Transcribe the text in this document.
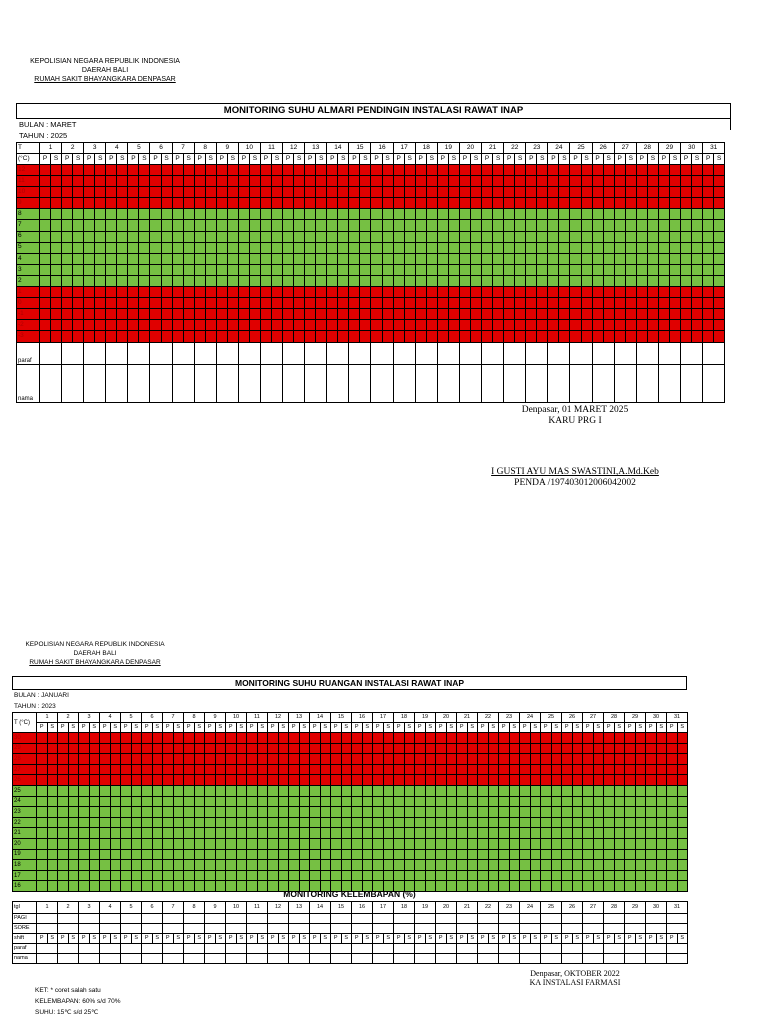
KEPOLISIAN NEGARA REPUBLIK INDONESIA
DAERAH BALI
RUMAH SAKIT BHAYANGKARA DENPASAR
MONITORING SUHU ALMARI PENDINGIN INSTALASI RAWAT INAP
BULAN : MARET
TAHUN : 2025
T	1		2		3		4		5		6		7		8		9		10		11		12		13		14		15		16		17		18		19		20		21		22		23		24		25		26		27		28		29		30		31	
(°C)	P	S	P	S	P	S	P	S	P	S	P	S	P	S	P	S	P	S	P	S	P	S	P	S	P	S	P	S	P	S	P	S	P	S	P	S	P	S	P	S	P	S	P	S	P	S	P	S	P	S	P	S	P	S	P	S	P	S	P	S	P	S
12																																																														
11																																																														
10																																																														
9																																																														
8																																																														
7																																																														
6																																																														
5																																																														
4																																																														
3																																																														
2																																																														
1																																																														
0																																																														
-1																																																														
-2																																																														
-3																																																														
paraf																																																														
nama																																																														
Denpasar, 01 MARET 2025
KARU PRG I
I GUSTI AYU MAS SWASTINI,A.Md.Keb
PENDA /197403012006042002
KEPOLISIAN NEGARA REPUBLIK INDONESIA
DAERAH BALI
RUMAH SAKIT BHAYANGKARA DENPASAR
MONITORING SUHU RUANGAN INSTALASI RAWAT INAP
BULAN : JANUARI
TAHUN : 2023
T (°C)	1		2		3		4		5		6		7		8		9		10		11		12		13		14		15		16		17		18		19		20		21		22		23		24		25		26		27		28		29		30		31	
	P	S	P	S	P	S	P	S	P	S	P	S	P	S	P	S	P	S	P	S	P	S	P	S	P	S	P	S	P	S	P	S	P	S	P	S	P	S	P	S	P	S	P	S	P	S	P	S	P	S	P	S	P	S	P	S	P	S	P	S	P	S
30																																																														
29																																																														
28																																																														
27																																																														
26																																																														
25																																																														
24																																																														
23																																																														
22																																																														
21																																																														
20																																																														
19																																																														
18																																																														
17																																																														
16																																																														
MONITORING KELEMBAPAN (%)
tgl	1		2		3		4		5		6		7		8		9		10		11		12		13		14		15		16		17		18		19		20		21		22		23		24		25		26		27		28		29		30		31	
PAGI																																																														
SORE																																																														
shift	P	S	P	S	P	S	P	S	P	S	P	S	P	S	P	S	P	S	P	S	P	S	P	S	P	S	P	S	P	S	P	S	P	S	P	S	P	S	P	S	P	S	P	S	P	S	P	S	P	S	P	S	P	S	P	S	P	S	P	S	P	S
paraf																																																														
nama																																																														
Denpasar, OKTOBER 2022
KA INSTALASI FARMASI
KET: * coret salah satu
KELEMBAPAN: 60% s/d 70%
SUHU: 15℃ s/d 25℃
